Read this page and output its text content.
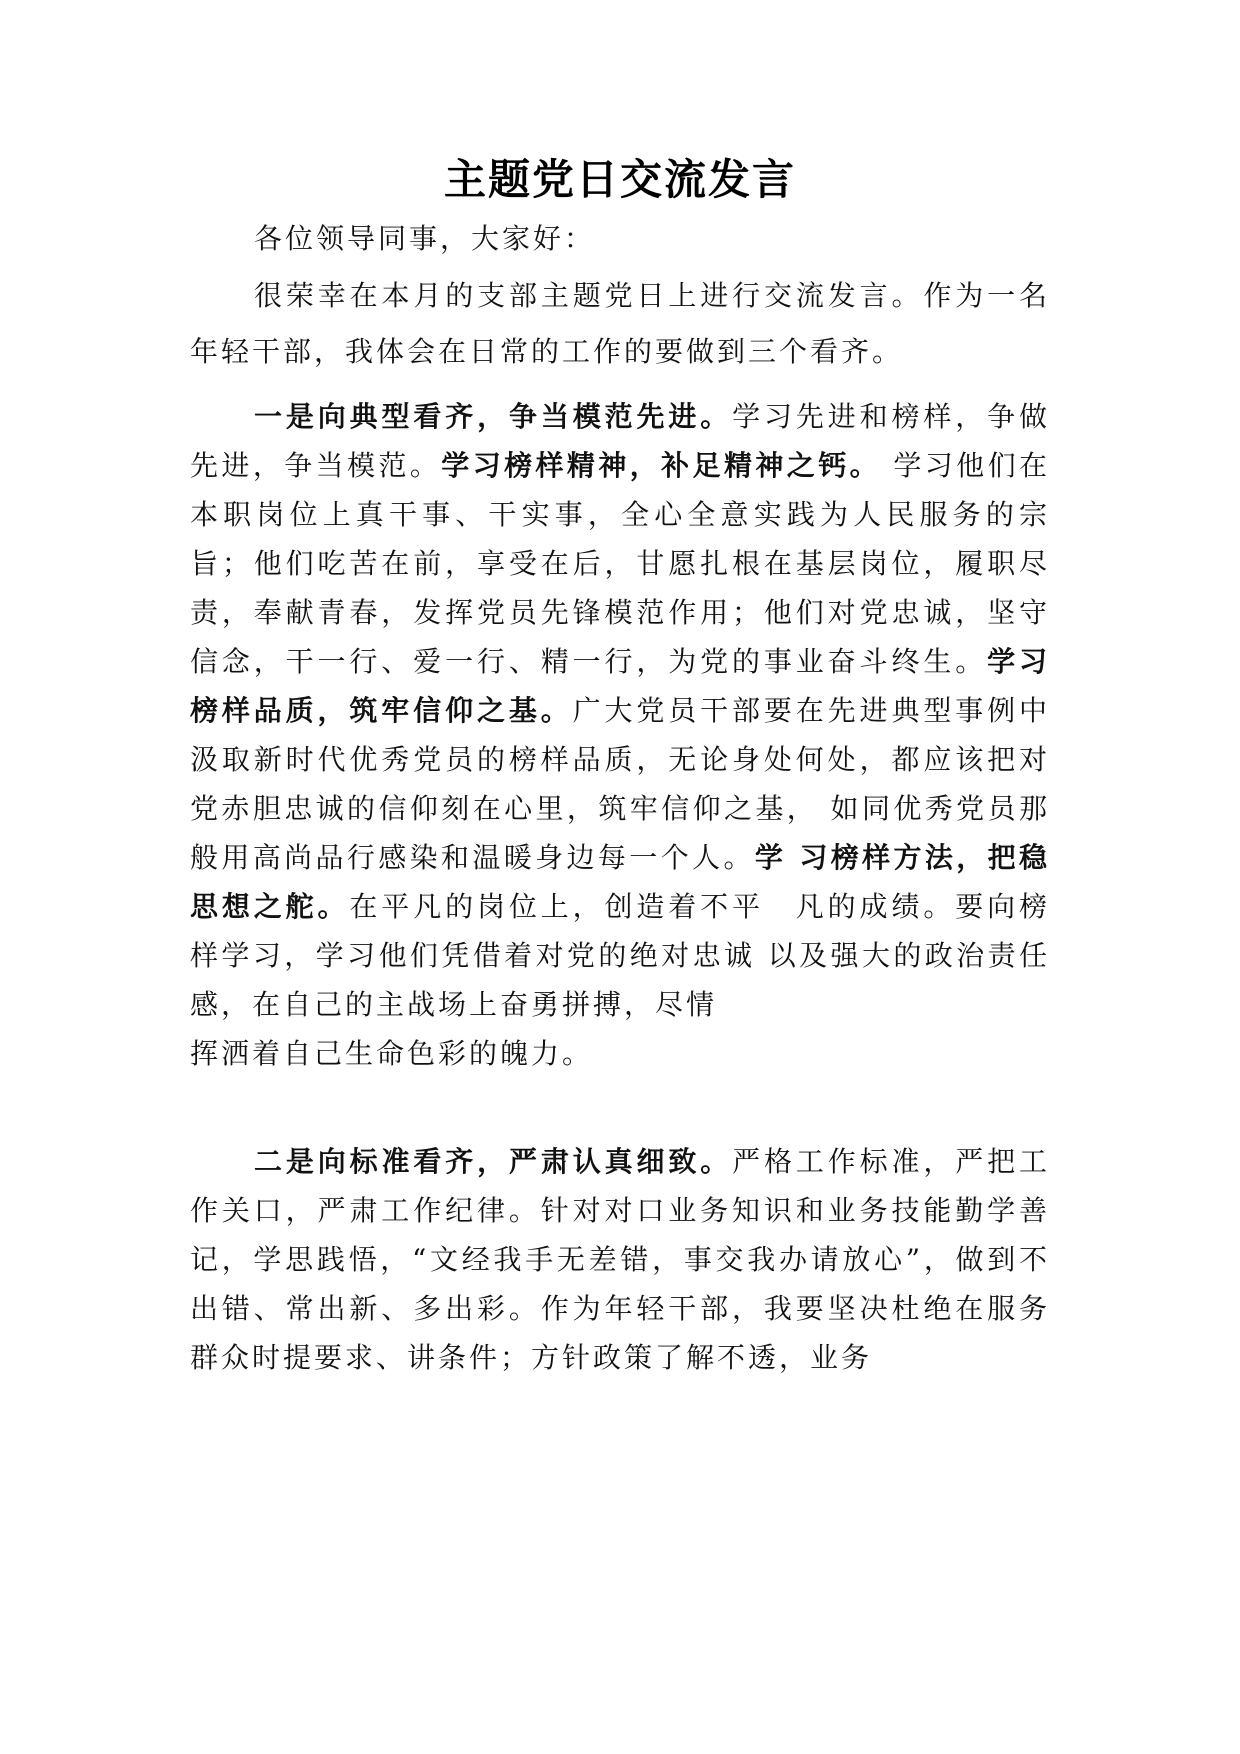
主题党日交流发言

各位领导同事，大家好：

很荣幸在本月的支部主题党日上进行交流发言。作为一名年轻干部，我体会在日常的工作的要做到三个看齐。

一是向典型看齐，争当模范先进。学习先进和榜样，争做先进，争当模范。学习榜样精神，补足精神之钙。 学习他们在本职岗位上真干事、干实事，全心全意实践为人民服务的宗旨；他们吃苦在前，享受在后，甘愿扎根在基层岗位，履职尽责，奉献青春，发挥党员先锋模范作用；他们对党忠诚，坚守信念，干一行、爱一行、精一行，为党的事业奋斗终生。学习榜样品质，筑牢信仰之基。广大党员干部要在先进典型事例中汲取新时代优秀党员的榜样品质，无论身处何处，都应该把对党赤胆忠诚的信仰刻在心里，筑牢信仰之基， 如同优秀党员那般用高尚品行感染和温暖身边每一个人。学 习榜样方法，把稳思想之舵。在平凡的岗位上，创造着不平　凡的成绩。要向榜样学习，学习他们凭借着对党的绝对忠诚 以及强大的政治责任感，在自己的主战场上奋勇拼搏，尽情
挥洒着自己生命色彩的魄力。

二是向标准看齐，严肃认真细致。严格工作标准，严把工作关口，严肃工作纪律。针对对口业务知识和业务技能勤学善记，学思践悟，“文经我手无差错，事交我办请放心”，做到不出错、常出新、多出彩。作为年轻干部，我要坚决杜绝在服务群众时提要求、讲条件；方针政策了解不透，业务
